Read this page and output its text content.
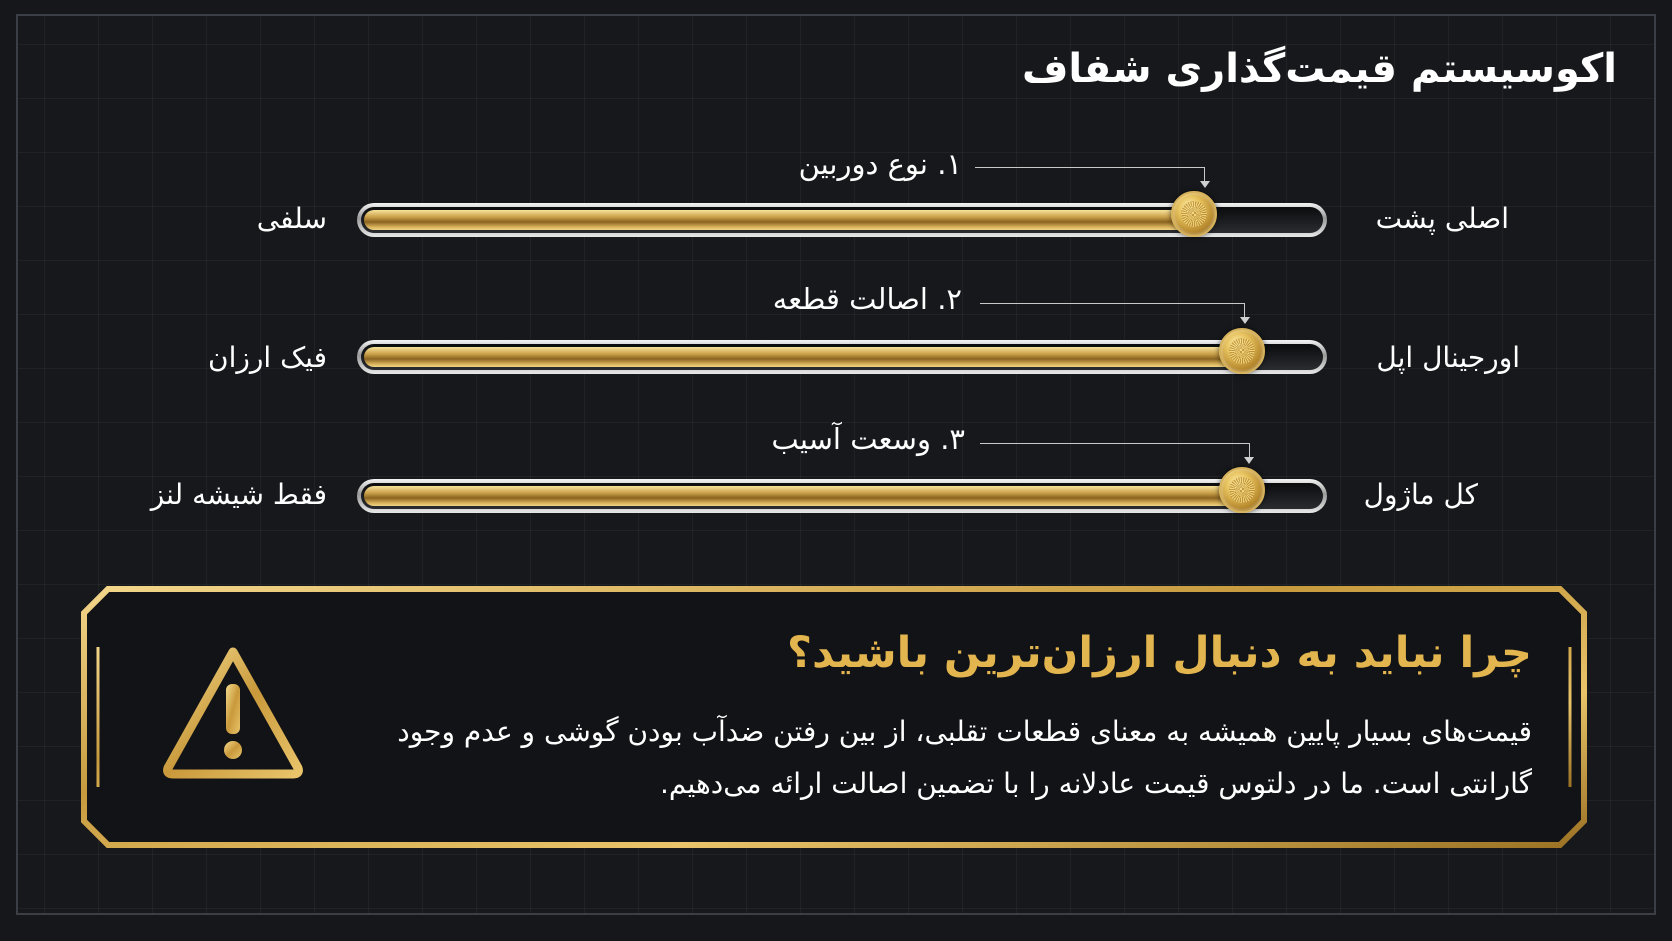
اکوسیستم قیمت‌گذاری شفاف
۱. نوع دوربین
سلفی	اصلی پشت
۲. اصالت قطعه
فیک ارزان	اورجینال اپل
۳. وسعت آسیب
فقط شیشه لنز	کل ماژول
چرا نباید به دنبال ارزان‌ترین باشید؟
قیمت‌های بسیار پایین همیشه به معنای قطعات تقلبی، از بین رفتن ضدآب بودن گوشی و عدم وجود گارانتی است. ما در دلتوس قیمت عادلانه را با تضمین اصالت ارائه می‌دهیم.
